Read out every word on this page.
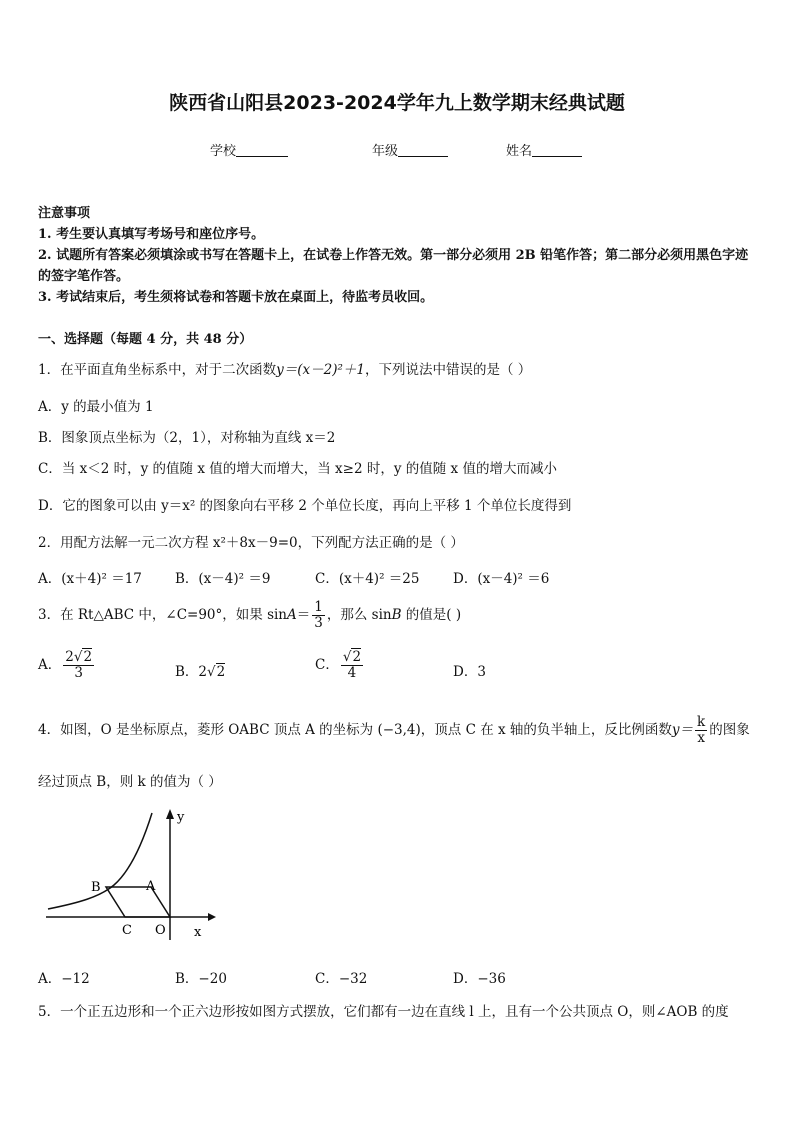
陕西省山阳县2023-2024学年九上数学期末经典试题
学校	年级	姓名
注意事项
1. 考生要认真填写考场号和座位序号。
2. 试题所有答案必须填涂或书写在答题卡上，在试卷上作答无效。第一部分必须用 2B 铅笔作答；第二部分必须用黑色字迹的签字笔作答。
3. 考试结束后，考生须将试卷和答题卡放在桌面上，待监考员收回。
一、选择题（每题 4 分，共 48 分）
1．在平面直角坐标系中，对于二次函数y＝(x－2)²＋1，下列说法中错误的是（ ）
A．y 的最小值为 1
B．图象顶点坐标为（2，1），对称轴为直线 x＝2
C．当 x＜2 时，y 的值随 x 值的增大而增大，当 x≥2 时，y 的值随 x 值的增大而减小
D．它的图象可以由 y＝x² 的图象向右平移 2 个单位长度，再向上平移 1 个单位长度得到
2．用配方法解一元二次方程 x²＋8x－9=0，下列配方法正确的是（ ）
A．(x＋4)² ＝17 B．(x－4)² ＝9	C．(x＋4)² ＝25 D．(x－4)² ＝6
3．在 Rt△ABC 中，∠C=90°，如果 $\sin A= \frac{1}{3}$ ，那么 sinB 的值是( )
A． $\frac{2√2}{3}$	B．2√2	C． $\frac{√2}{4}$	D．3
4．如图，O 是坐标原点，菱形 OABC 顶点 A 的坐标为 (−3,4)，顶点 C 在 x 轴的负半轴上，反比例函数$y= \frac{k}{x}$ 的图象
经过顶点 B，则 k 的值为（ ）
B	A
C O x
y
A．−12	B．−20	C．−32	D．−36
5．一个正五边形和一个正六边形按如图方式摆放，它们都有一边在直线 l 上，且有一个公共顶点 O，则∠AOB 的度
